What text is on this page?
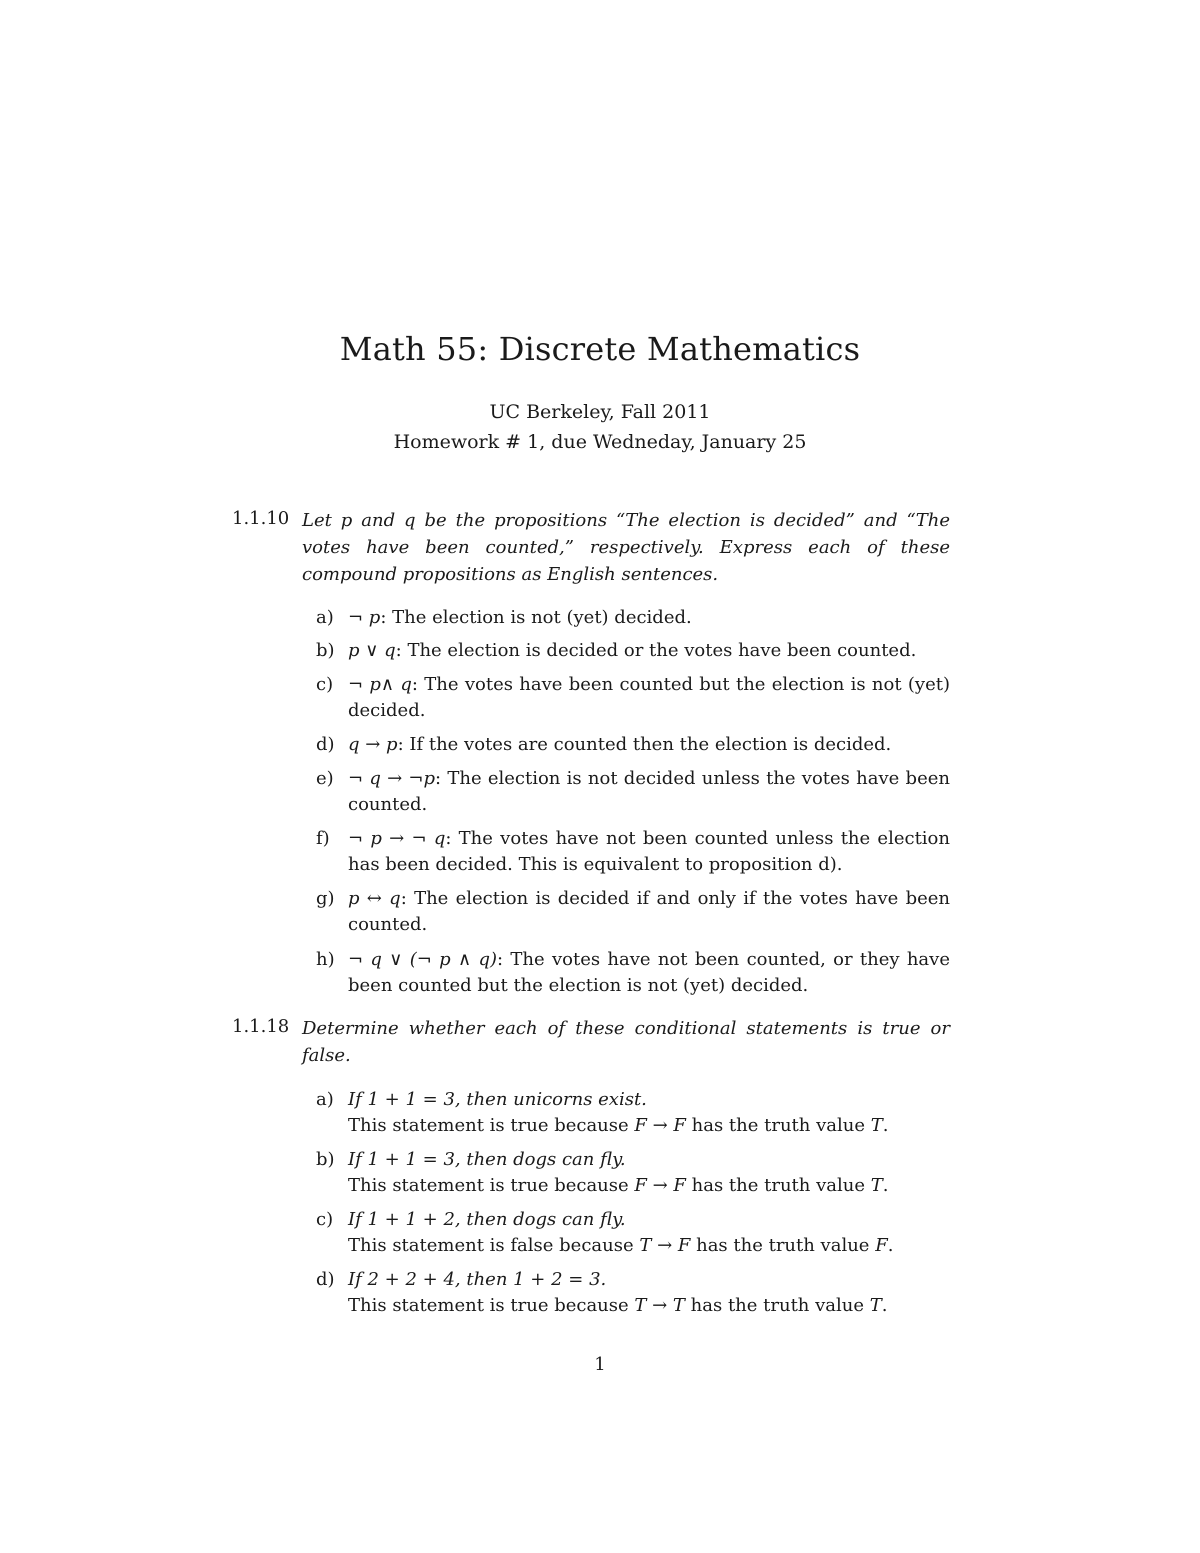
Math 55: Discrete Mathematics
UC Berkeley, Fall 2011
Homework # 1, due Wedneday, January 25
1.1.10 Let p and q be the propositions “The election is decided” and “The votes have been counted,” respectively. Express each of these compound propositions as English sentences.
a) ¬ p: The election is not (yet) decided.
b) p ∨ q: The election is decided or the votes have been counted.
c) ¬ p∧ q: The votes have been counted but the election is not (yet) decided.
d) q → p: If the votes are counted then the election is decided.
e) ¬ q → ¬p: The election is not decided unless the votes have been counted.
f) ¬ p → ¬ q: The votes have not been counted unless the election has been decided. This is equivalent to proposition d).
g) p ↔ q: The election is decided if and only if the votes have been counted.
h) ¬ q ∨ (¬ p ∧ q): The votes have not been counted, or they have been counted but the election is not (yet) decided.
1.1.18 Determine whether each of these conditional statements is true or false.
a) If 1 + 1 = 3, then unicorns exist.
This statement is true because F → F has the truth value T.
b) If 1 + 1 = 3, then dogs can fly.
This statement is true because F → F has the truth value T.
c) If 1 + 1 + 2, then dogs can fly.
This statement is false because T → F has the truth value F.
d) If 2 + 2 + 4, then 1 + 2 = 3.
This statement is true because T → T has the truth value T.
1
